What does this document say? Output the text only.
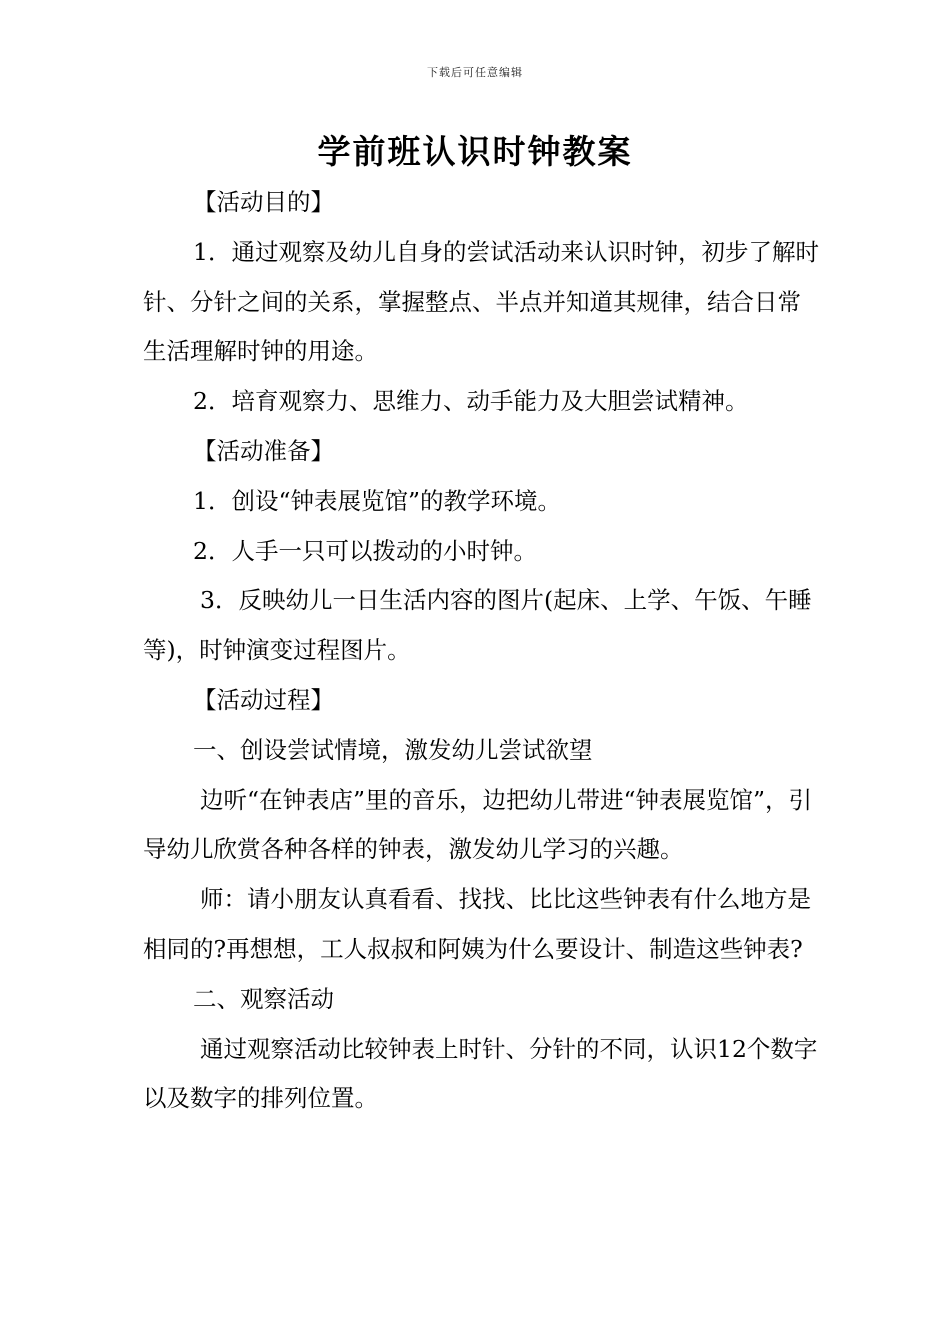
下载后可任意编辑
学前班认识时钟教案

【活动目的】

1．通过观察及幼儿自身的尝试活动来认识时钟，初步了解时针、分针之间的关系，掌握整点、半点并知道其规律，结合日常生活理解时钟的用途。

2．培育观察力、思维力、动手能力及大胆尝试精神。

【活动准备】

1．创设“钟表展览馆”的教学环境。

2．人手一只可以拨动的小时钟。

3．反映幼儿一日生活内容的图片(起床、上学、午饭、午睡等)，时钟演变过程图片。

【活动过程】

一、创设尝试情境，激发幼儿尝试欲望

边听“在钟表店”里的音乐，边把幼儿带进“钟表展览馆”，引导幼儿欣赏各种各样的钟表，激发幼儿学习的兴趣。

师：请小朋友认真看看、找找、比比这些钟表有什么地方是相同的?再想想，工人叔叔和阿姨为什么要设计、制造这些钟表?

二、观察活动

通过观察活动比较钟表上时针、分针的不同，认识12个数字以及数字的排列位置。
